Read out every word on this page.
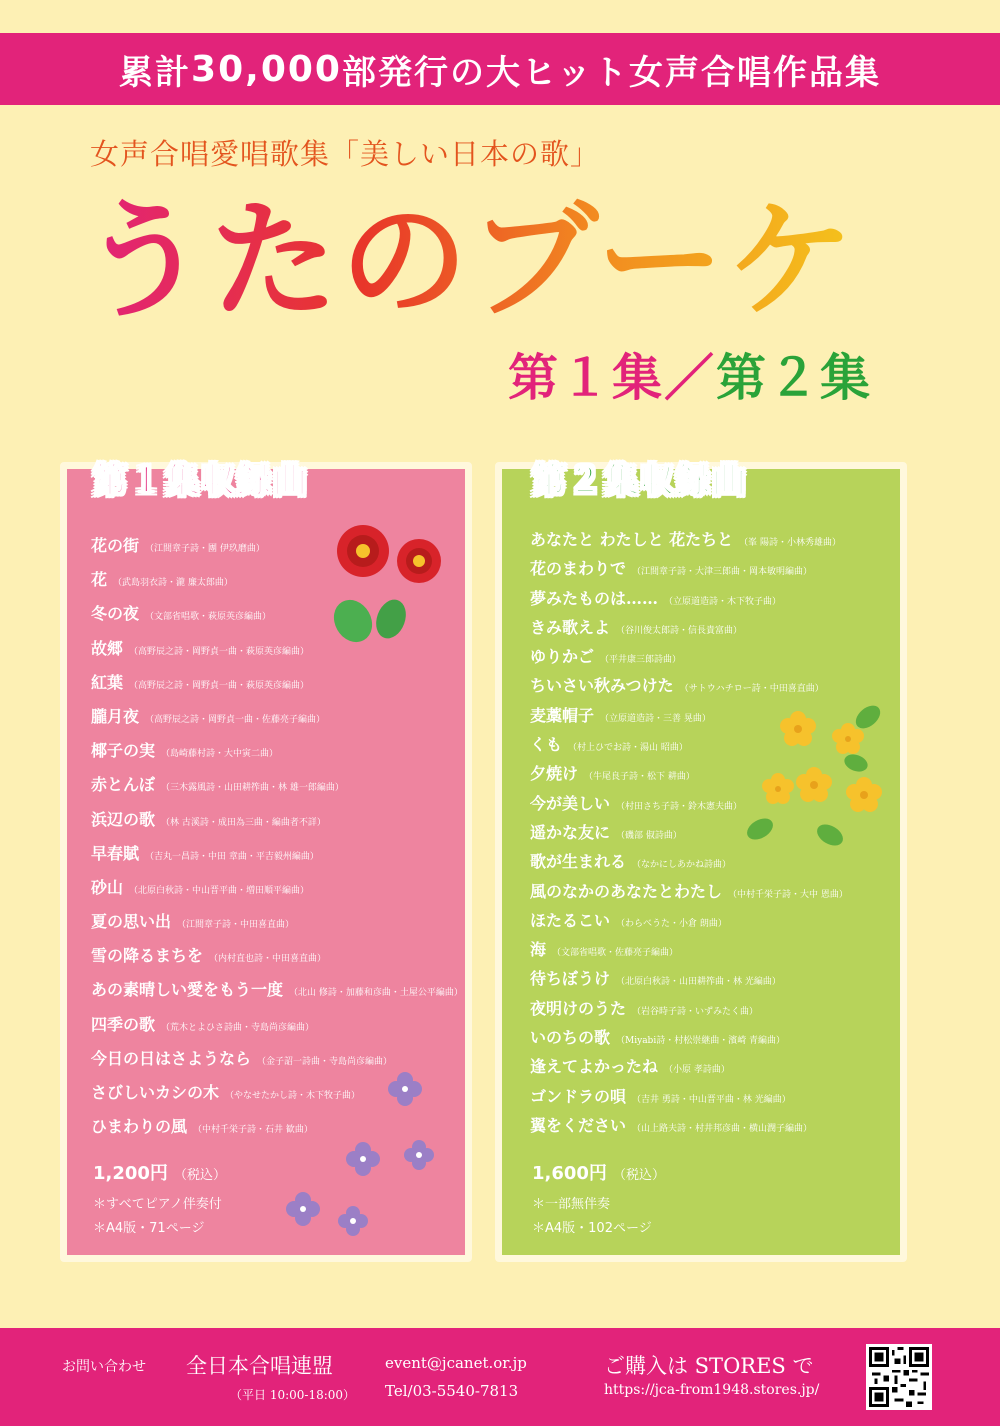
累計 30,000 部発行の大ヒット女声合唱作品集
女声合唱愛唱歌集「美しい日本の歌」
うたのブーケ
第１集／第２集
第１集収録曲
花の街 （江間章子詩・團 伊玖磨曲）
花 （武島羽衣詩・瀧 廉太郎曲）
冬の夜 （文部省唱歌・萩原英彦編曲）
故郷 （高野辰之詩・岡野貞一曲・萩原英彦編曲）
紅葉 （高野辰之詩・岡野貞一曲・萩原英彦編曲）
朧月夜 （高野辰之詩・岡野貞一曲・佐藤亮子編曲）
椰子の実 （島崎藤村詩・大中寅二曲）
赤とんぼ （三木露風詩・山田耕筰曲・林 雄一郎編曲）
浜辺の歌 （林 古溪詩・成田為三曲・編曲者不詳）
早春賦 （吉丸一昌詩・中田 章曲・平吉毅州編曲）
砂山 （北原白秋詩・中山晋平曲・増田順平編曲）
夏の思い出 （江間章子詩・中田喜直曲）
雪の降るまちを （内村直也詩・中田喜直曲）
あの素晴しい愛をもう一度 （北山 修詩・加藤和彦曲・土屋公平編曲）
四季の歌 （荒木とよひさ詩曲・寺島尚彦編曲）
今日の日はさようなら （金子詔一詩曲・寺島尚彦編曲）
さびしいカシの木 （やなせたかし詩・木下牧子曲）
ひまわりの風 （中村千栄子詩・石井 歓曲）
1,200円 （税込）
＊すべてピアノ伴奏付
＊A4版・71ページ
第２集収録曲
あなたと わたしと 花たちと （峯 陽詩・小林秀雄曲）
花のまわりで （江間章子詩・大津三郎曲・岡本敏明編曲）
夢みたものは…… （立原道造詩・木下牧子曲）
きみ歌えよ （谷川俊太郎詩・信長貴富曲）
ゆりかご （平井康三郎詩曲）
ちいさい秋みつけた （サトウハチロー詩・中田喜直曲）
麦藁帽子 （立原道造詩・三善 晃曲）
くも （村上ひでお詩・湯山 昭曲）
夕焼け （牛尾良子詩・松下 耕曲）
今が美しい （村田さち子詩・鈴木憲夫曲）
遥かな友に （磯部 俶詩曲）
歌が生まれる （なかにしあかね詩曲）
風のなかのあなたとわたし （中村千栄子詩・大中 恩曲）
ほたるこい （わらべうた・小倉 朗曲）
海 （文部省唱歌・佐藤亮子編曲）
待ちぼうけ （北原白秋詩・山田耕筰曲・林 光編曲）
夜明けのうた （岩谷時子詩・いずみたく曲）
いのちの歌 （Miyabi詩・村松崇継曲・濱崎 青編曲）
逢えてよかったね （小原 孝詩曲）
ゴンドラの唄 （吉井 勇詩・中山晋平曲・林 光編曲）
翼をください （山上路夫詩・村井邦彦曲・横山潤子編曲）
1,600円 （税込）
＊一部無伴奏
＊A4版・102ページ
お問い合わせ 全日本合唱連盟
（平日 10:00-18:00）
event@jcanet.or.jp
Tel/03-5540-7813
ご購入は STORES で
https://jca-from1948.stores.jp/
